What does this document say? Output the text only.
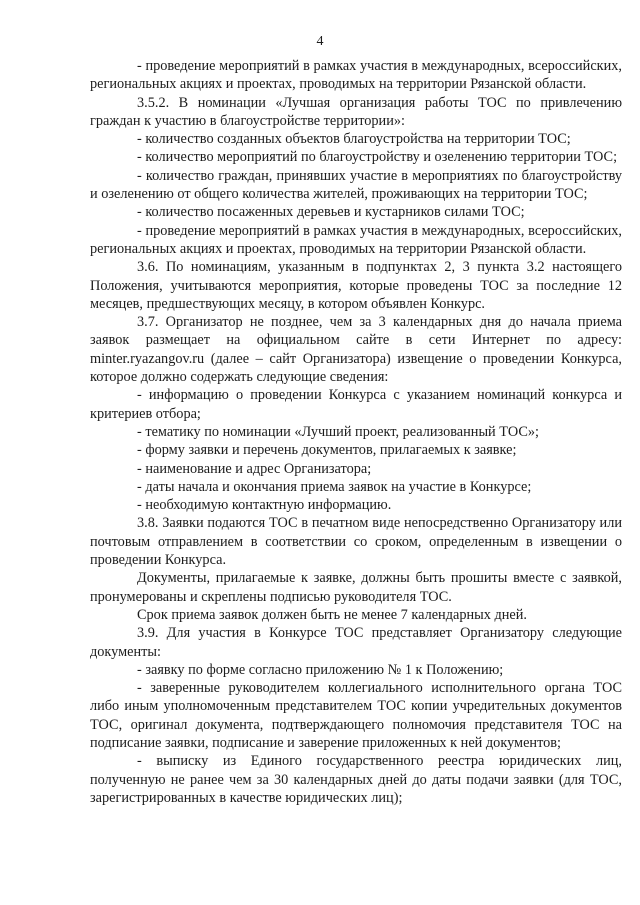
4

- проведение мероприятий в рамках участия в международных, всероссийских, региональных акциях и проектах, проводимых на территории Рязанской области.

3.5.2. В номинации «Лучшая организация работы ТОС по привлечению граждан к участию в благоустройстве территории»:

- количество созданных объектов благоустройства на территории ТОС;

- количество мероприятий по благоустройству и озеленению территории ТОС;

- количество граждан, принявших участие в мероприятиях по благоустройству и озеленению от общего количества жителей, проживающих на территории ТОС;

- количество посаженных деревьев и кустарников силами ТОС;

- проведение мероприятий в рамках участия в международных, всероссийских, региональных акциях и проектах, проводимых на территории Рязанской области.

3.6. По номинациям, указанным в подпунктах 2, 3 пункта 3.2 настоящего Положения, учитываются мероприятия, которые проведены ТОС за последние 12 месяцев, предшествующих месяцу, в котором объявлен Конкурс.

3.7. Организатор не позднее, чем за 3 календарных дня до начала приема заявок размещает на официальном сайте в сети Интернет по адресу: minter.ryazangov.ru (далее – сайт Организатора) извещение о проведении Конкурса, которое должно содержать следующие сведения:

- информацию о проведении Конкурса с указанием номинаций конкурса и критериев отбора;

- тематику по номинации «Лучший проект, реализованный ТОС»;

- форму заявки и перечень документов, прилагаемых к заявке;

- наименование и адрес Организатора;

- даты начала и окончания приема заявок на участие в Конкурсе;

- необходимую контактную информацию.

3.8. Заявки подаются ТОС в печатном виде непосредственно Организатору или почтовым отправлением в соответствии со сроком, определенным в извещении о проведении Конкурса.

Документы, прилагаемые к заявке, должны быть прошиты вместе с заявкой, пронумерованы и скреплены подписью руководителя ТОС.

Срок приема заявок должен быть не менее 7 календарных дней.

3.9. Для участия в Конкурсе ТОС представляет Организатору следующие документы:

- заявку по форме согласно приложению № 1 к Положению;

- заверенные руководителем коллегиального исполнительного органа ТОС либо иным уполномоченным представителем ТОС копии учредительных документов ТОС, оригинал документа, подтверждающего полномочия представителя ТОС на подписание заявки, подписание и заверение приложенных к ней документов;

- выписку из Единого государственного реестра юридических лиц, полученную не ранее чем за 30 календарных дней до даты подачи заявки (для ТОС, зарегистрированных в качестве юридических лиц);
